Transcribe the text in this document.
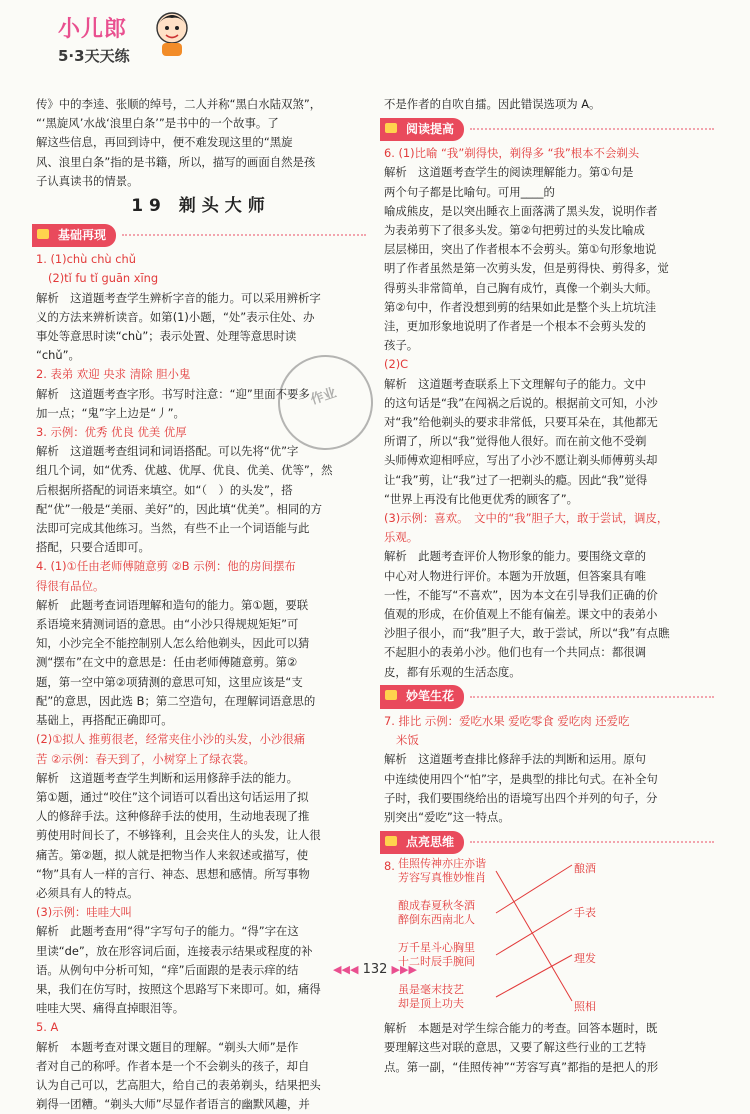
小儿郎
5·3天天练
作业
传》中的李逵、张顺的绰号，二人并称“黑白水陆双煞”，
“‘黑旋风’水战‘浪里白条’”是书中的一个故事。了
解这些信息，再回到诗中，便不难发现这里的“黑旋
风、浪里白条”指的是书籍，所以，描写的画面自然是孩
子认真读书的情景。
19 剃头大师
基础再现
1. (1)chù chù chǔ
(2)tǐ fu tǐ guān xīng
解析　这道题考查学生辨析字音的能力。可以采用辨析字
义的方法来辨析读音。如第(1)小题，“处”表示住处、办
事处等意思时读“chù”；表示处置、处理等意思时读
“chǔ”。
2. 表弟 欢迎 央求 清除 胆小鬼
解析　这道题考查字形。书写时注意：“迎”里面不要多
加一点；“鬼”字上边是“丿”。
3. 示例：优秀 优良 优美 优厚
解析　这道题考查组词和词语搭配。可以先将“优”字
组几个词，如“优秀、优越、优厚、优良、优美、优等”，然
后根据所搭配的词语来填空。如“（　）的头发”，搭
配“优”一般是“美丽、美好”的，因此填“优美”。相同的方
法即可完成其他练习。当然，有些不止一个词语能与此
搭配，只要合适即可。
4. (1)①任由老师傅随意剪 ②B 示例：他的房间摆布
得很有品位。
解析　此题考查词语理解和造句的能力。第①题，要联
系语境来猜测词语的意思。由“小沙只得规规矩矩”可
知，小沙完全不能控制别人怎么给他剃头，因此可以猜
测“摆布”在文中的意思是：任由老师傅随意剪。第②
题，第一空中第②项猜测的意思可知，这里应该是“支
配”的意思，因此选 B；第二空造句，在理解词语意思的
基础上，再搭配正确即可。
(2)①拟人 推剪很老，经常夹住小沙的头发，小沙很痛
苦 ②示例：春天到了，小树穿上了绿衣裳。
解析　这道题考查学生判断和运用修辞手法的能力。
第①题，通过“咬住”这个词语可以看出这句话运用了拟
人的修辞手法。这种修辞手法的使用，生动地表现了推
剪使用时间长了，不够锋利，且会夹住人的头发，让人很
痛苦。第②题，拟人就是把物当作人来叙述或描写，使
“物”具有人一样的言行、神态、思想和感情。所写事物
必须具有人的特点。
(3)示例：哇哇大叫
解析　此题考查用“得”字写句子的能力。“得”字在这
里读“de”，放在形容词后面，连接表示结果或程度的补
语。从例句中分析可知，“痒”后面跟的是表示痒的结
果，我们在仿写时，按照这个思路写下来即可。如，痛得
哇哇大哭、痛得直掉眼泪等。
5. A
解析　本题考查对课文题目的理解。“剃头大师”是作
者对自己的称呼。作者本是一个不会剃头的孩子，却自
认为自己可以，艺高胆大，给自己的表弟剃头，结果把头
剃得一团糟。“剃头大师”尽显作者语言的幽默风趣，并
不是作者的自吹自擂。因此错误选项为 A。
阅读提高
6. (1)比喻 “我”剃得快，剃得多 “我”根本不会剃头
解析　这道题考查学生的阅读理解能力。第①句是
两个句子都是比喻句。可用____的
喻成熊皮，是以突出睡衣上面落满了黑头发，说明作者
为表弟剪下了很多头发。第②句把剪过的头发比喻成
层层梯田，突出了作者根本不会剪头。第①句形象地说
明了作者虽然是第一次剪头发，但是剪得快、剪得多，觉
得剪头非常简单，自己胸有成竹，真像一个剃头大师。
第②句中，作者没想到剪的结果如此是整个头上坑坑洼
洼，更加形象地说明了作者是一个根本不会剪头发的
孩子。
(2)C
解析　这道题考查联系上下文理解句子的能力。文中
的这句话是“我”在闯祸之后说的。根据前文可知，小沙
对“我”给他剃头的要求非常低，只要耳朵在，其他都无
所谓了，所以“我”觉得他人很好。而在前文他不受剃
头师傅欢迎相呼应，写出了小沙不愿让剃头师傅剪头却
让“我”剪，让“我”过了一把剃头的瘾。因此“我”觉得
“世界上再没有比他更优秀的顾客了”。
(3)示例：喜欢。　文中的“我”胆子大，敢于尝试，调皮，
乐观。
解析　此题考查评价人物形象的能力。要围绕文章的
中心对人物进行评价。本题为开放题，但答案具有唯
一性，不能写“不喜欢”，因为本文在引导我们正确的价
值观的形成，在价值观上不能有偏差。课文中的表弟小
沙胆子很小，而“我”胆子大，敢于尝试，所以“我”有点瞧
不起胆小的表弟小沙。他们也有一个共同点：都很调
皮，都有乐观的生活态度。
妙笔生花
7. 排比 示例：爱吃水果 爱吃零食 爱吃肉 还爱吃
米饭
解析　这道题考查排比修辞手法的判断和运用。原句
中连续使用四个“怕”字，是典型的排比句式。在补全句
子时，我们要围绕给出的语境写出四个并列的句子，分
别突出“爱吃”这一特点。
点亮思维
8. 佳照传神亦庄亦谐
芳容写真惟妙惟肖
酿成春夏秋冬酒
醉倒东西南北人
万千星斗心胸里
十二时辰手腕间
虽是毫末技艺
却是顶上功夫
酿酒
手表
理发
照相
解析　本题是对学生综合能力的考查。回答本题时，既
要理解这些对联的意思，又要了解这些行业的工艺特
点。第一副，“佳照传神”“芳容写真”都指的是把人的形
◀◀◀ 132 ▶▶▶
